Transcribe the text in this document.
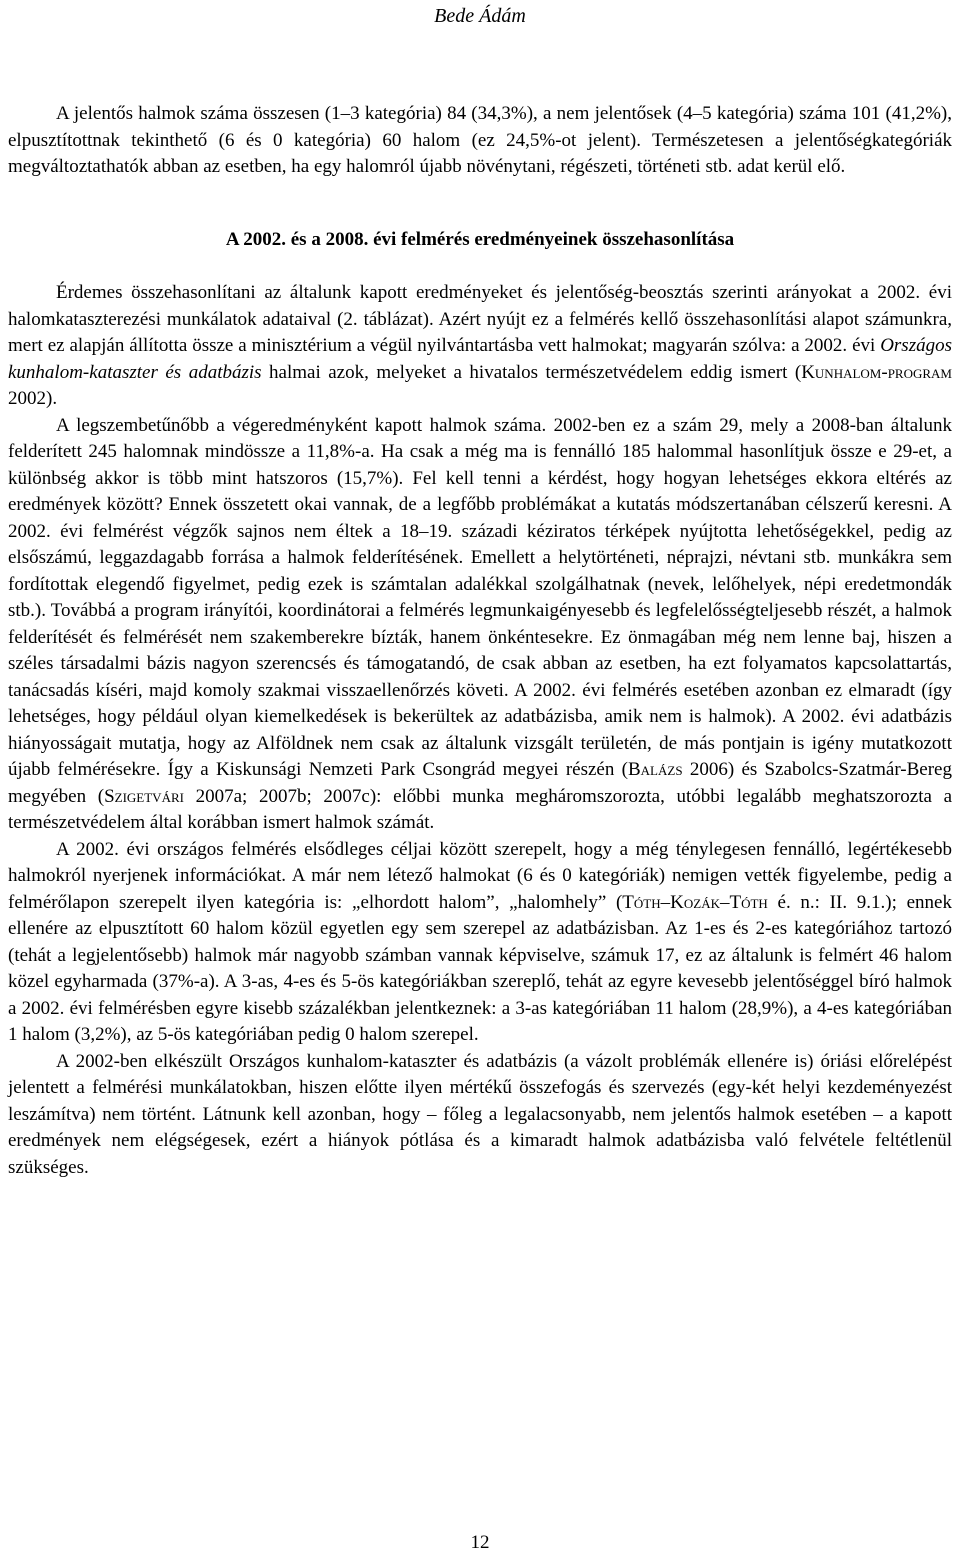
Bede Ádám

A jelentős halmok száma összesen (1–3 kategória) 84 (34,3%), a nem jelentősek (4–5 kategória) száma 101 (41,2%), elpusztítottnak tekinthető (6 és 0 kategória) 60 halom (ez 24,5%-ot jelent). Természetesen a jelentőségkategóriák megváltoztathatók abban az esetben, ha egy halomról újabb növénytani, régészeti, történeti stb. adat kerül elő.

A 2002. és a 2008. évi felmérés eredményeinek összehasonlítása

Érdemes összehasonlítani az általunk kapott eredményeket és jelentőség-beosztás szerinti arányokat a 2002. évi halomkataszterezési munkálatok adataival (2. táblázat). Azért nyújt ez a felmérés kellő összehasonlítási alapot számunkra, mert ez alapján állította össze a minisztérium a végül nyilvántartásba vett halmokat; magyarán szólva: a 2002. évi Országos kunhalom-kataszter és adatbázis halmai azok, melyeket a hivatalos természetvédelem eddig ismert (Kunhalom-program 2002).

A legszembetűnőbb a végeredményként kapott halmok száma. 2002-ben ez a szám 29, mely a 2008-ban általunk felderített 245 halomnak mindössze a 11,8%-a. Ha csak a még ma is fennálló 185 halommal hasonlítjuk össze e 29-et, a különbség akkor is több mint hatszoros (15,7%). Fel kell tenni a kérdést, hogy hogyan lehetséges ekkora eltérés az eredmények között? Ennek összetett okai vannak, de a legfőbb problémákat a kutatás módszertanában célszerű keresni. A 2002. évi felmérést végzők sajnos nem éltek a 18–19. századi kéziratos térképek nyújtotta lehetőségekkel, pedig az elsőszámú, leggazdagabb forrása a halmok felderítésének. Emellett a helytörténeti, néprajzi, névtani stb. munkákra sem fordítottak elegendő figyelmet, pedig ezek is számtalan adalékkal szolgálhatnak (nevek, lelőhelyek, népi eredetmondák stb.). Továbbá a program irányítói, koordinátorai a felmérés legmunkaigényesebb és legfelelősségteljesebb részét, a halmok felderítését és felmérését nem szakemberekre bízták, hanem önkéntesekre. Ez önmagában még nem lenne baj, hiszen a széles társadalmi bázis nagyon szerencsés és támogatandó, de csak abban az esetben, ha ezt folyamatos kapcsolattartás, tanácsadás kíséri, majd komoly szakmai visszaellenőrzés követi. A 2002. évi felmérés esetében azonban ez elmaradt (így lehetséges, hogy például olyan kiemelkedések is bekerültek az adatbázisba, amik nem is halmok). A 2002. évi adatbázis hiányosságait mutatja, hogy az Alföldnek nem csak az általunk vizsgált területén, de más pontjain is igény mutatkozott újabb felmérésekre. Így a Kiskunsági Nemzeti Park Csongrád megyei részén (Balázs 2006) és Szabolcs-Szatmár-Bereg megyében (Szigetvári 2007a; 2007b; 2007c): előbbi munka megháromszorozta, utóbbi legalább meghatszorozta a természetvédelem által korábban ismert halmok számát.

A 2002. évi országos felmérés elsődleges céljai között szerepelt, hogy a még ténylegesen fennálló, legértékesebb halmokról nyerjenek információkat. A már nem létező halmokat (6 és 0 kategóriák) nemigen vették figyelembe, pedig a felmérőlapon szerepelt ilyen kategória is: „elhordott halom”, „halomhely” (Tóth–Kozák–Tóth é. n.: II. 9.1.); ennek ellenére az elpusztított 60 halom közül egyetlen egy sem szerepel az adatbázisban. Az 1-es és 2-es kategóriához tartozó (tehát a legjelentősebb) halmok már nagyobb számban vannak képviselve, számuk 17, ez az általunk is felmért 46 halom közel egyharmada (37%-a). A 3-as, 4-es és 5-ös kategóriákban szereplő, tehát az egyre kevesebb jelentőséggel bíró halmok a 2002. évi felmérésben egyre kisebb százalékban jelentkeznek: a 3-as kategóriában 11 halom (28,9%), a 4-es kategóriában 1 halom (3,2%), az 5-ös kategóriában pedig 0 halom szerepel.

A 2002-ben elkészült Országos kunhalom-kataszter és adatbázis (a vázolt problémák ellenére is) óriási előrelépést jelentett a felmérési munkálatokban, hiszen előtte ilyen mértékű összefogás és szervezés (egy-két helyi kezdeményezést leszámítva) nem történt. Látnunk kell azonban, hogy – főleg a legalacsonyabb, nem jelentős halmok esetében – a kapott eredmények nem elégségesek, ezért a hiányok pótlása és a kimaradt halmok adatbázisba való felvétele feltétlenül szükséges.

12
